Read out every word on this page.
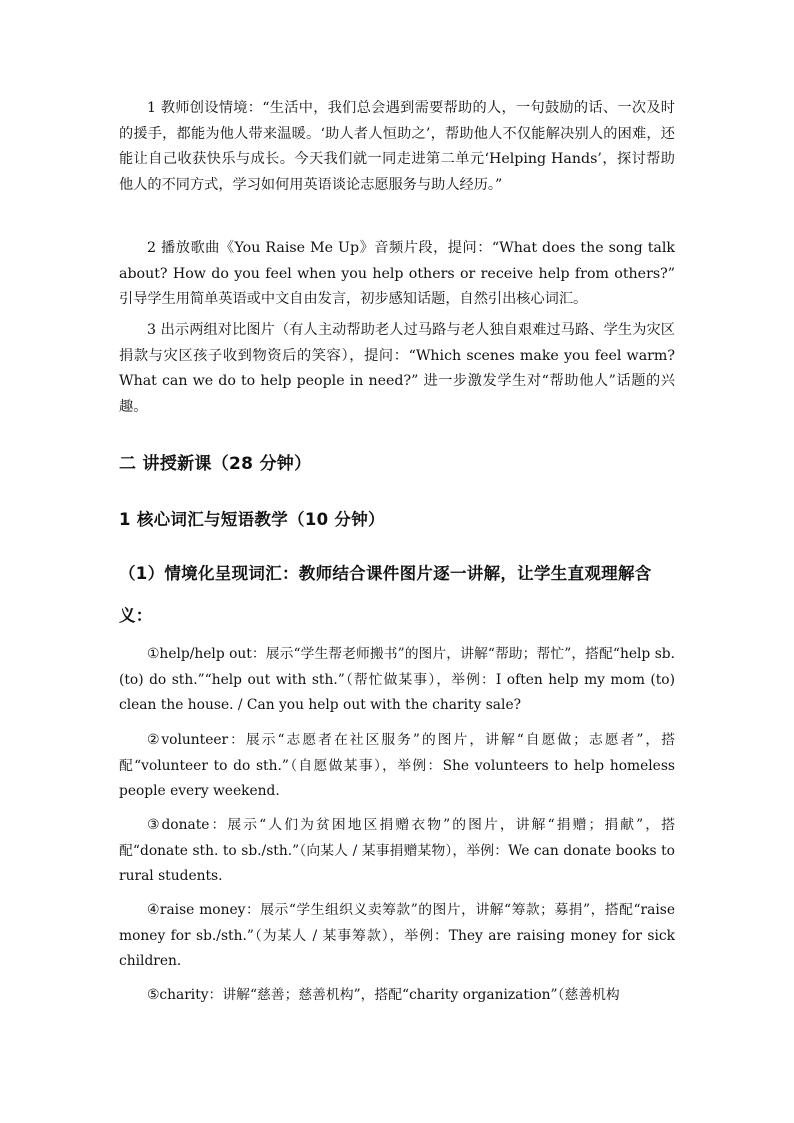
1 教师创设情境：“生活中，我们总会遇到需要帮助的人，一句鼓励的话、一次及时的援手，都能为他人带来温暖。‘助人者人恒助之’，帮助他人不仅能解决别人的困难，还能让自己收获快乐与成长。今天我们就一同走进第二单元‘Helping Hands’，探讨帮助他人的不同方式，学习如何用英语谈论志愿服务与助人经历。”

2 播放歌曲《You Raise Me Up》音频片段，提问：“What does the song talk about? How do you feel when you help others or receive help from others?” 引导学生用简单英语或中文自由发言，初步感知话题，自然引出核心词汇。

3 出示两组对比图片（有人主动帮助老人过马路与老人独自艰难过马路、学生为灾区捐款与灾区孩子收到物资后的笑容），提问：“Which scenes make you feel warm? What can we do to help people in need?” 进一步激发学生对“帮助他人”话题的兴趣。

二 讲授新课（28 分钟）
1 核心词汇与短语教学（10 分钟）

（1）情境化呈现词汇：教师结合课件图片逐一讲解，让学生直观理解含义：

①help/help out：展示“学生帮老师搬书”的图片，讲解“帮助；帮忙”，搭配“help sb. (to) do sth.”“help out with sth.”（帮忙做某事），举例：I often help my mom (to) clean the house. / Can you help out with the charity sale?

②volunteer：展示“志愿者在社区服务”的图片，讲解“自愿做；志愿者”，搭配“volunteer to do sth.”（自愿做某事），举例：She volunteers to help homeless people every weekend.

③donate：展示“人们为贫困地区捐赠衣物”的图片，讲解“捐赠；捐献”，搭配“donate sth. to sb./sth.”（向某人 / 某事捐赠某物），举例：We can donate books to rural students.

④raise money：展示“学生组织义卖筹款”的图片，讲解“筹款；募捐”，搭配“raise money for sb./sth.”（为某人 / 某事筹款），举例：They are raising money for sick children.

⑤charity：讲解“慈善；慈善机构”，搭配“charity organization”（慈善机构
